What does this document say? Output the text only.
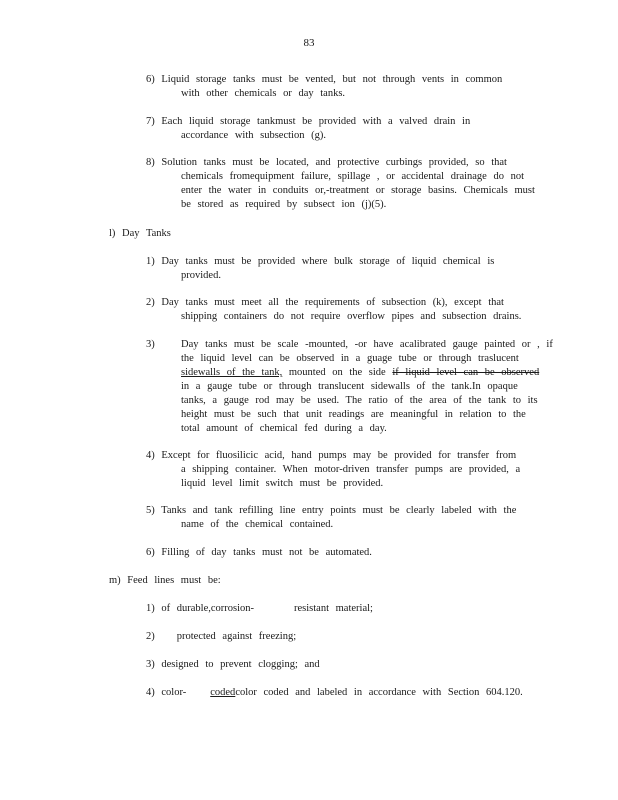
83
6) Liquid storage tanks must be vented, but not through vents in common
with other chemicals or day tanks.
7) Each liquid storage tankmust be provided with a valved drain in
accordance with subsection (g).
8) Solution tanks must be located, and protective curbings provided, so that
chemicals fromequipment failure, spillage , or accidental drainage do not
enter the water in conduits or,-treatment or storage basins. Chemicals must
be stored as required by subsect ion (j)(5).
l) Day Tanks
1) Day tanks must be provided where bulk storage of liquid chemical is
provided.
2) Day tanks must meet all the requirements of subsection (k), except that
shipping containers do not require overflow pipes and subsection drains.
3)	Day tanks must be scale -mounted, -or have acalibrated gauge painted or , if
the liquid level can be observed in a guage tube or through traslucent
sidewalls of the tank, mounted on the side if liquid level can be observed
in a gauge tube or through translucent sidewalls of the tank.In opaque
tanks, a gauge rod may be used. The ratio of the area of the tank to its
height must be such that unit readings are meaningful in relation to the
total amount of chemical fed during a day.
4) Except for fluosilicic acid, hand pumps may be provided for transfer from
a shipping container. When motor-driven transfer pumps are provided, a
liquid level limit switch must be provided.
5) Tanks and tank refilling line entry points must be clearly labeled with the
name of the chemical contained.
6) Filling of day tanks must not be automated.
m) Feed lines must be:
1) of durable,corrosion-	resistant material;
2) protected against freezing;
3) designed to prevent clogging; and
4) color- codedcolor coded and labeled in accordance with Section 604.120.
